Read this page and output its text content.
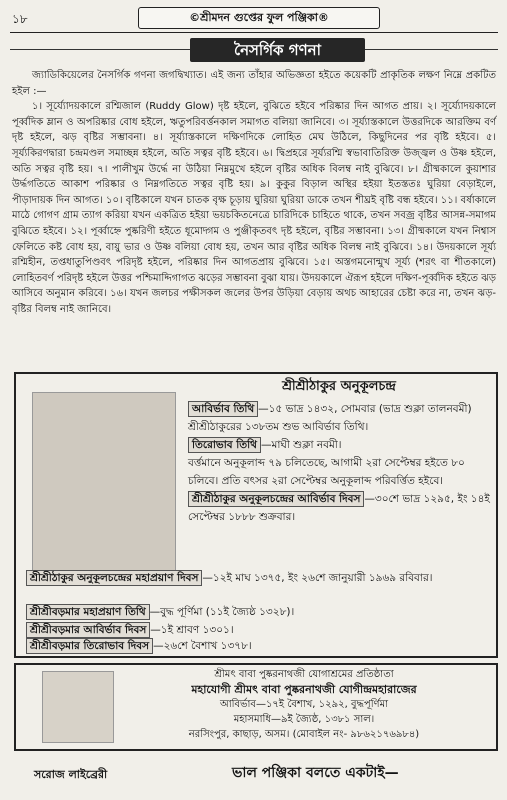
১৮	©শ্রীমদন গুপ্তের ফুল পঞ্জিকা®
নৈসর্গিক গণনা

জ্যাডিকিয়েলের নৈসর্গিক গণনা জগদ্বিখ্যাত। এই জন্য তাঁহার অভিজ্ঞতা হইতে কয়েকটি প্রাকৃতিক লক্ষণ নিম্নে প্রকটিত হইল :—

১। সূর্য্যোদয়কালে রশ্মিজাল (Ruddy Glow) দৃষ্ট হইলে, বুঝিতে হইবে পরিষ্কার দিন আগত প্রায়। ২। সূর্য্যোদয়কালে পূর্ব্বদিক ম্লান ও অপরিষ্কার বোধ হইলে, ঋতুপরিবর্ত্তনকাল সমাগত বলিয়া জানিবে। ৩। সূর্য্যাস্তকালে উত্তরদিকে আরক্তিম বর্ণ দৃষ্ট হইলে, ঝড় বৃষ্টির সম্ভাবনা। ৪। সূর্য্যাস্তকালে দক্ষিণদিকে লোহিত মেঘ উঠিলে, কিছুদিনের পর বৃষ্টি হইবে। ৫। সূর্য্যকিরণদ্বারা চন্দ্রমণ্ডল সমাচ্ছন্ন হইলে, অতি সত্বর বৃষ্টি হইবে। ৬। দ্বিপ্রহরে সূর্য্যরশ্মি স্বভাবাতিরিক্ত উজ্জ্বল ও উষ্ণ হইলে, অতি সত্বর বৃষ্টি হয়। ৭। পালীখুম উর্দ্ধে না উঠিয়া নিম্নমুখে হইলে বৃষ্টির অধিক বিলম্ব নাই বুঝিবে। ৮। গ্রীষ্মকালে কুয়াশার উর্দ্ধগতিতে আকাশ পরিষ্কার ও নিম্নগতিতে সত্বর বৃষ্টি হয়। ৯। কুকুর বিড়াল অস্থির হইয়া ইতস্ততঃ ঘুরিয়া বেড়াইলে, পীড়াদায়ক দিন আগত। ১০। বৃষ্টিকালে যখন চাতক বৃক্ষ চূড়ায় ঘুরিয়া ঘুরিয়া ডাকে তখন শীঘ্রই বৃষ্টি বন্ধ হইবে। ১১। বর্ষাকালে মাঠে গোগণ গ্রাম ত্যাগ করিয়া যখন একত্রিত হইয়া ভয়চকিতনেত্রে চারিদিকে চাহিতে থাকে, তখন সবজ্র বৃষ্টির আসন্ন-সমাগম বুঝিতে হইবে। ১২। পূর্ব্বাহ্নে পুষ্করিণী হইতে ধূমোদ্গম ও পুঞ্জীকৃতবৎ দৃষ্ট হইলে, বৃষ্টির সম্ভাবনা। ১৩। গ্রীষ্মকালে যখন নিশ্বাস ফেলিতে কষ্ট বোধ হয়, বায়ু ভার ও উষ্ণ বলিয়া বোধ হয়, তখন আর বৃষ্টির অধিক বিলম্ব নাই বুঝিবে। ১৪। উদয়কালে সূর্য্য রশ্মিহীন, তপ্তধাতুপিণ্ডবৎ পরিদৃষ্ট হইলে, পরিষ্কার দিন আগতপ্রায় বুঝিবে। ১৫। অস্তগমনোন্মুখ সূর্য্য (শরৎ বা শীতকালে) লোহিতবর্ণ পরিদৃষ্ট হইলে উত্তর পশ্চিমাদ্দিগাগত ঝড়ের সম্ভাবনা বুঝা যায়। উদয়কালে ঐরূপ হইলে দক্ষিণ-পূর্ব্বদিক হইতে ঝড় আসিবে অনুমান করিবে। ১৬। যখন জলচর পক্ষীসকল জলের উপর উড়িয়া বেড়ায় অথচ আহারের চেষ্টা করে না, তখন ঝড়-বৃষ্টির বিলম্ব নাই জানিবে।

শ্রীশ্রীঠাকুর অনুকূলচন্দ্র
আবির্ভাব তিথি —১৫ ভাদ্র ১৪৩২, সোমবার (ভাদ্র শুক্লা তালনবমী) শ্রীশ্রীঠাকুরের ১৩৮তম শুভ আবির্ভাব তিথি।
তিরোভাব তিথি —মাঘী শুক্লা নবমী।
বর্ত্তমানে অনুকূলাব্দ ৭৯ চলিতেছে, আগামী ২রা সেপ্টেম্বর হইতে ৮০ চলিবে। প্রতি বৎসর ২রা সেপ্টেম্বর অনুকূলাব্দ পরিবর্ত্তিত হইবে।
শ্রীশ্রীঠাকুর অনুকূলচন্দ্রের আবির্ভাব দিবস —৩০শে ভাদ্র ১২৯৫, ইং ১৪ই সেপ্টেম্বর ১৮৮৮ শুক্রবার।
শ্রীশ্রীঠাকুর অনুকূলচন্দ্রের মহাপ্রয়াণ দিবস —১২ই মাঘ ১৩৭৫, ইং ২৬শে জানুয়ারী ১৯৬৯ রবিবার।
শ্রীশ্রীবড়মার মহাপ্রয়াণ তিথি —বুদ্ধ পূর্ণিমা (১১ই জ্যৈষ্ঠ ১৩২৮)।
শ্রীশ্রীবড়মার আবির্ভাব দিবস —১ই শ্রাবণ ১৩০১।
শ্রীশ্রীবড়মার তিরোভাব দিবস —২৬শে বৈশাখ ১৩৭৮।
শ্রীমৎ বাবা পুষ্করনাথজী যোগাশ্রমের প্রতিষ্ঠাতা
মহাযোগী শ্রীমৎ বাবা পুষ্করনাথজী যোগীন্দ্রমহারাজের
আবির্ভাব—১৭ই বৈশাখ, ১২৯২, বুদ্ধপূর্ণিমা
মহাসমাধি—৯ই জ্যৈষ্ঠ, ১৩৮১ সাল।
নরসিংপুর, কাছাড়, অসম। (মোবাইল নং- ৯৮৬২১৭৬৯৮৪)
সরোজ লাইব্রেরী	ভাল পঞ্জিকা বলতে একটাই—
